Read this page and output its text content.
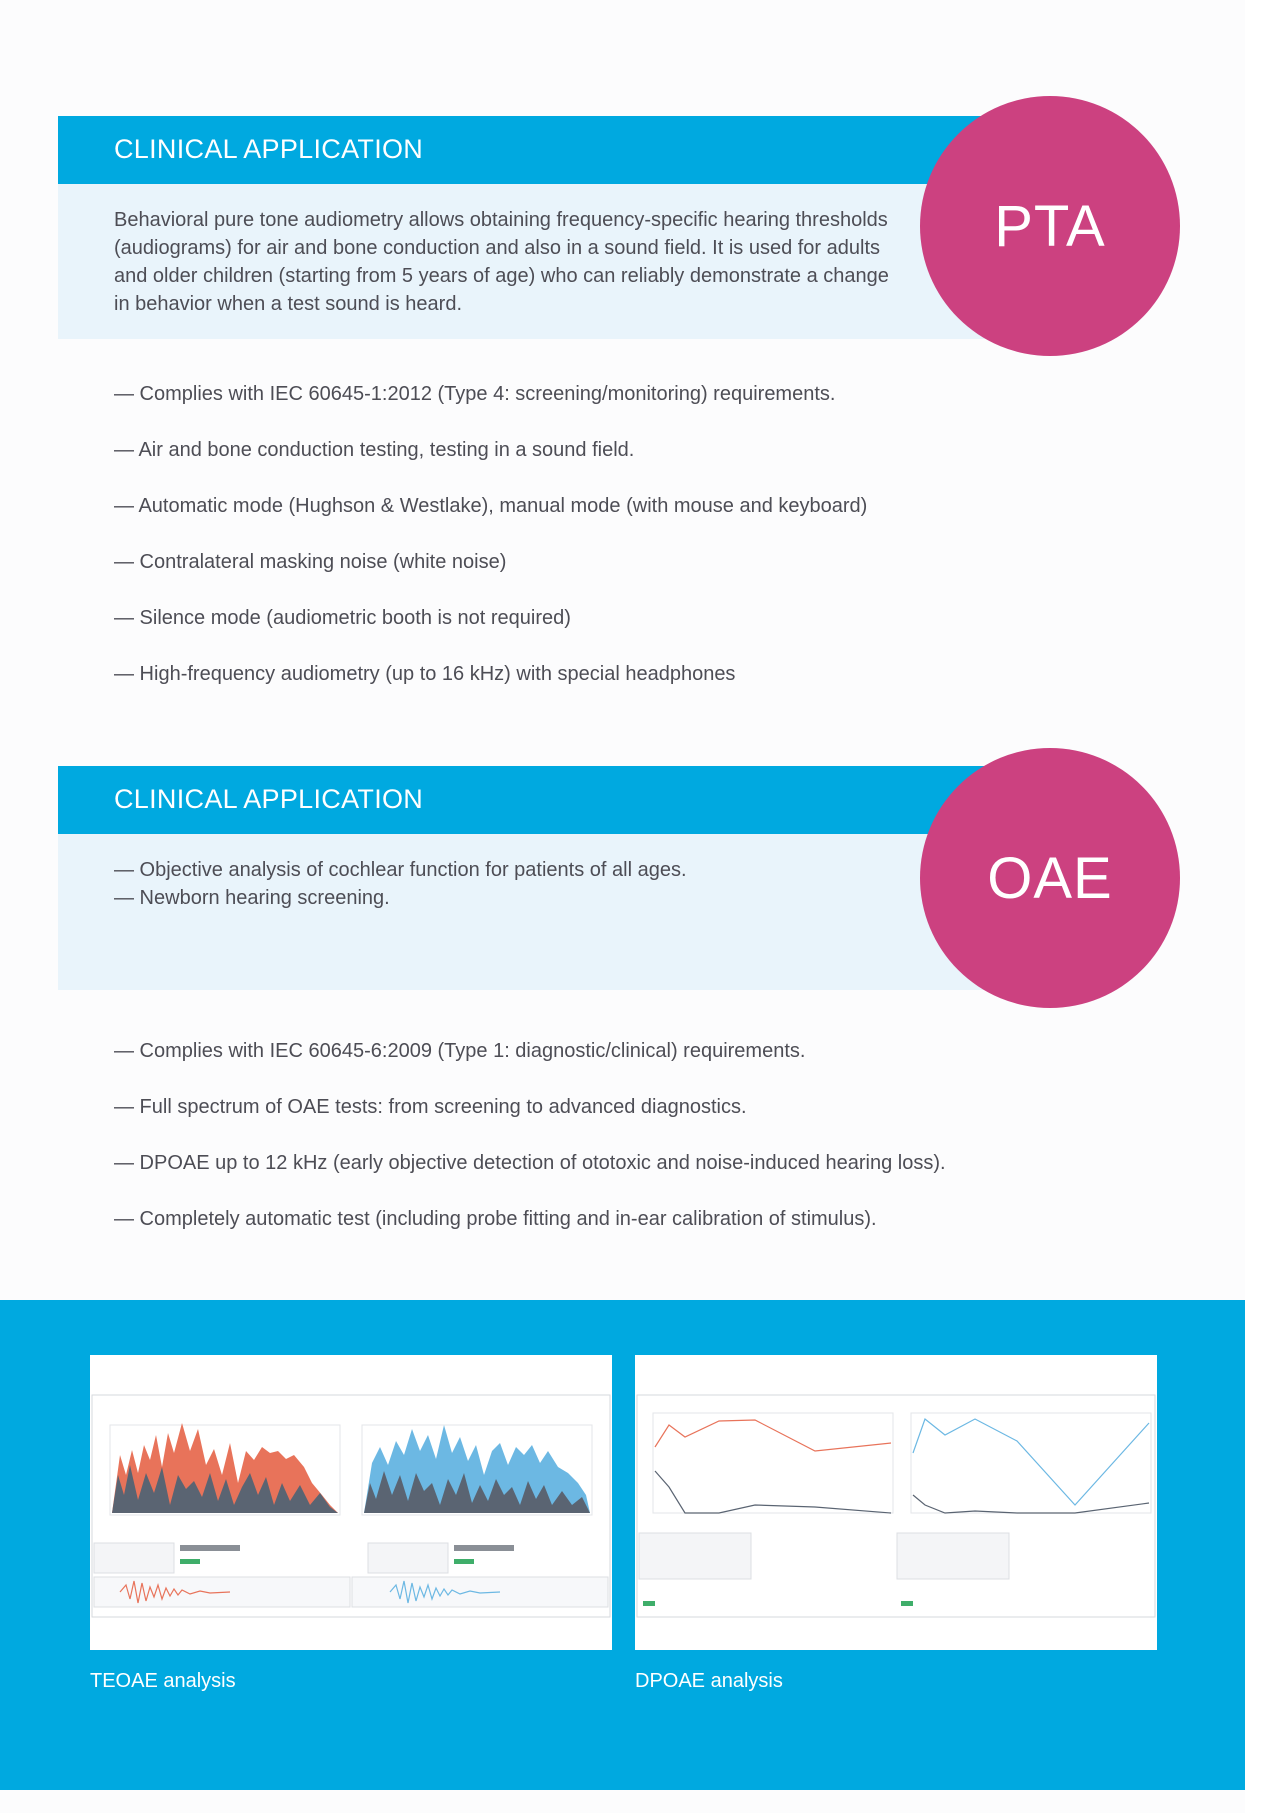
CLINICAL APPLICATION
Behavioral pure tone audiometry allows obtaining frequency-specific hearing thresholds (audiograms) for air and bone conduction and also in a sound field. It is used for adults and older children (starting from 5 years of age) who can reliably demonstrate a change in behavior when a test sound is heard.
PTA
— Complies with IEC 60645-1:2012 (Type 4: screening/monitoring) requirements.
— Air and bone conduction testing, testing in a sound field.
— Automatic mode (Hughson & Westlake), manual mode (with mouse and keyboard)
— Contralateral masking noise (white noise)
— Silence mode (audiometric booth is not required)
— High-frequency audiometry (up to 16 kHz) with special headphones
CLINICAL APPLICATION
— Objective analysis of cochlear function for patients of all ages.
— Newborn hearing screening.	OAE
— Complies with IEC 60645-6:2009 (Type 1: diagnostic/clinical) requirements.
— Full spectrum of OAE tests: from screening to advanced diagnostics.
— DPOAE up to 12 kHz (early objective detection of ototoxic and noise-induced hearing loss).
— Completely automatic test (including probe fitting and in-ear calibration of stimulus).
TEOAE analysis	DPOAE analysis
